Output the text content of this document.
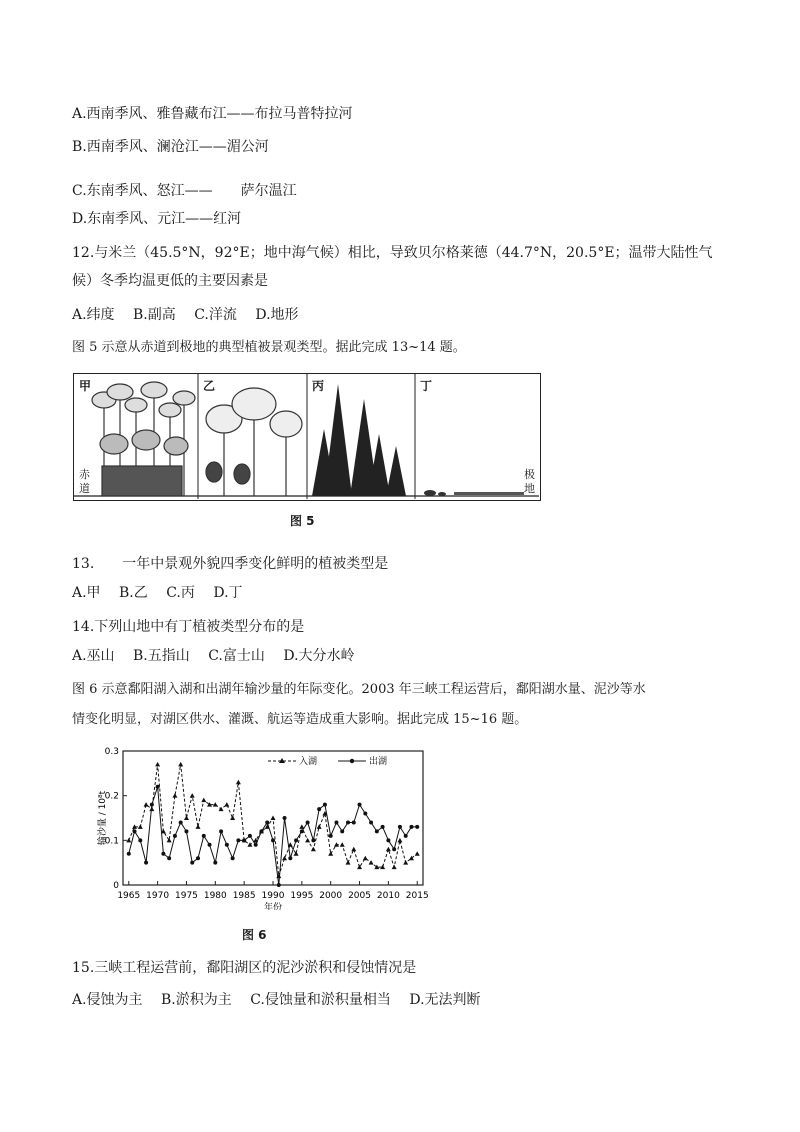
A.西南季风、雅鲁藏布江——布拉马普特拉河
B.西南季风、澜沧江——湄公河
C.东南季风、怒江——　　萨尔温江
D.东南季风、元江——红河
12.与米兰（45.5°N，92°E；地中海气候）相比，导致贝尔格莱德（44.7°N，20.5°E；温带大陆性气
候）冬季均温更低的主要因素是
A.纬度 B.副高 C.洋流 D.地形
图 5 示意从赤道到极地的典型植被景观类型。据此完成 13~14 题。
甲	乙	丙	丁
赤
道
极
地
图 5
13.　　一年中景观外貌四季变化鲜明的植被类型是
A.甲 B.乙 C.丙 D.丁
14.下列山地中有丁植被类型分布的是
A.巫山 B.五指山 C.富士山 D.大分水岭
图 6 示意鄱阳湖入湖和出湖年输沙量的年际变化。2003 年三峡工程运营后，鄱阳湖水量、泥沙等水
情变化明显，对湖区供水、灌溉、航运等造成重大影响。据此完成 15~16 题。
0
0.1
0.2
0.3
1965 1970 1975 1980 1985 1990 1995 2000 2005 2010 2015
年份
输沙量 / 10⁸t
入湖	出湖
图 6
15.三峡工程运营前，鄱阳湖区的泥沙淤积和侵蚀情况是
A.侵蚀为主 B.淤积为主 C.侵蚀量和淤积量相当 D.无法判断
